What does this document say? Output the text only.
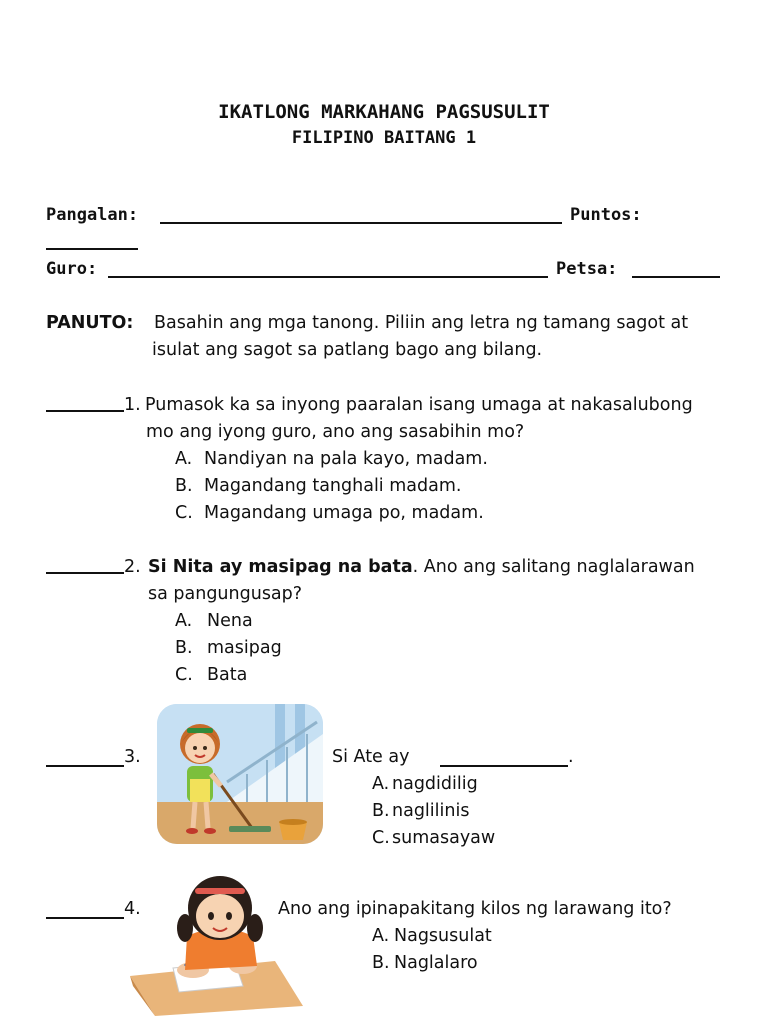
IKATLONG MARKAHANG PAGSUSULIT
FILIPINO BAITANG 1
Pangalan:	Puntos:
Guro:	Petsa:
PANUTO: Basahin ang mga tanong. Piliin ang letra ng tamang sagot at
isulat ang sagot sa patlang bago ang bilang.
1. Pumasok ka sa inyong paaralan isang umaga at nakasalubong
mo ang iyong guro, ano ang sasabihin mo?
A. Nandiyan na pala kayo, madam.
B. Magandang tanghali madam.
C. Magandang umaga po, madam.
2. Si Nita ay masipag na bata. Ano ang salitang naglalarawan
sa pangungusap?
A. Nena
B. masipag
C. Bata
3.	Si Ate ay	.
A. nagdidilig
B. naglilinis
C. sumasayaw
4.	Ano ang ipinapakitang kilos ng larawang ito?
A. Nagsusulat
B. Naglalaro
